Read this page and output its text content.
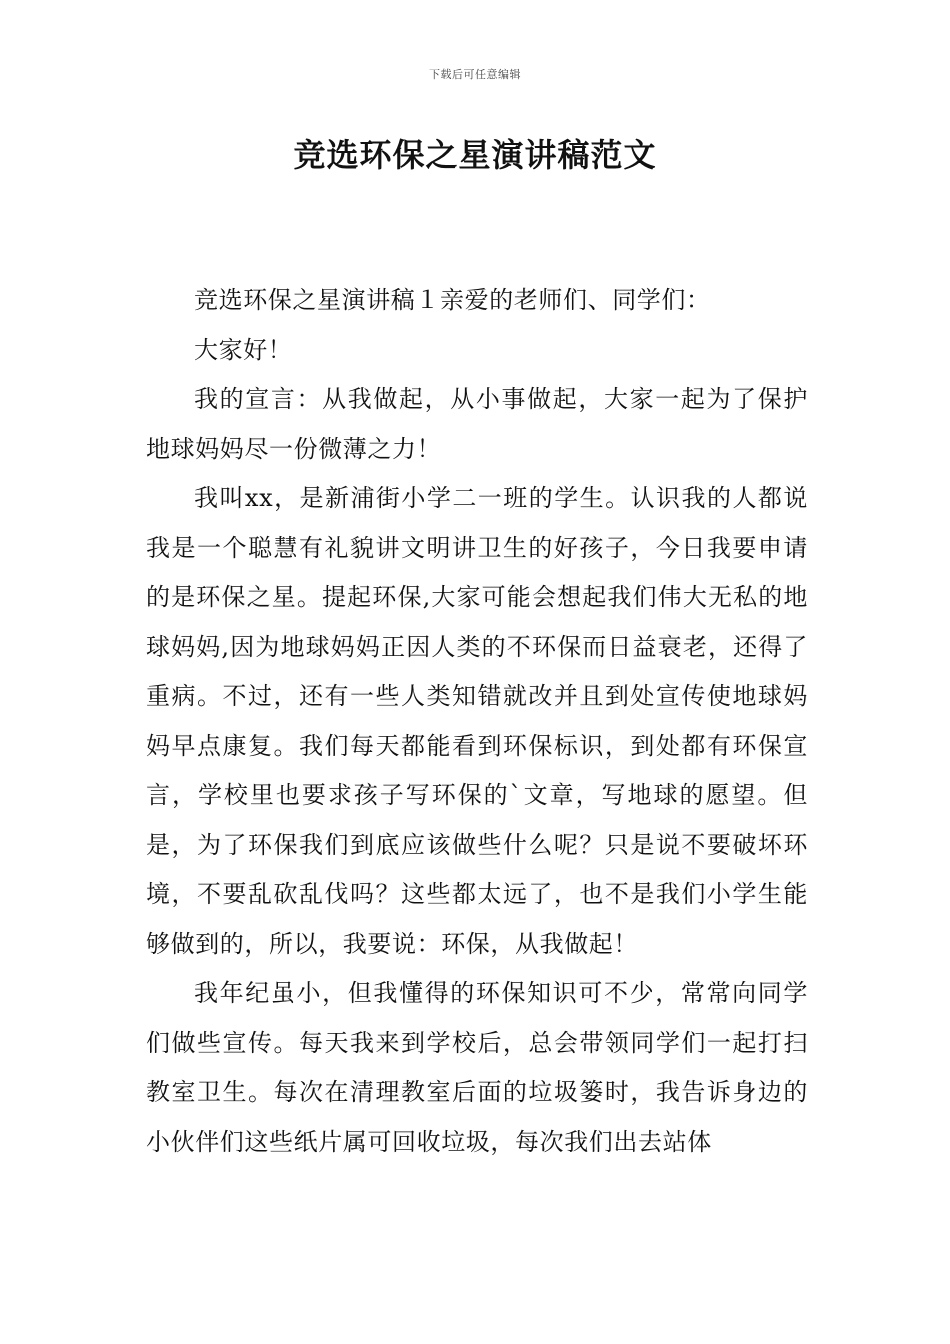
下载后可任意编辑
竞选环保之星演讲稿范文

竞选环保之星演讲稿１亲爱的老师们、同学们：

大家好！

我的宣言：从我做起，从小事做起，大家一起为了保护地球妈妈尽一份微薄之力！

我叫xx，是新浦街小学二一班的学生。认识我的人都说我是一个聪慧有礼貌讲文明讲卫生的好孩子，今日我要申请的是环保之星。提起环保,大家可能会想起我们伟大无私的地球妈妈,因为地球妈妈正因人类的不环保而日益衰老，还得了重病。不过，还有一些人类知错就改并且到处宣传使地球妈妈早点康复。我们每天都能看到环保标识，到处都有环保宣言，学校里也要求孩子写环保的`文章，写地球的愿望。但是，为了环保我们到底应该做些什么呢？只是说不要破坏环境，不要乱砍乱伐吗？这些都太远了，也不是我们小学生能够做到的，所以，我要说：环保，从我做起！

我年纪虽小，但我懂得的环保知识可不少，常常向同学们做些宣传。每天我来到学校后，总会带领同学们一起打扫教室卫生。每次在清理教室后面的垃圾篓时，我告诉身边的小伙伴们这些纸片属可回收垃圾，每次我们出去站体
